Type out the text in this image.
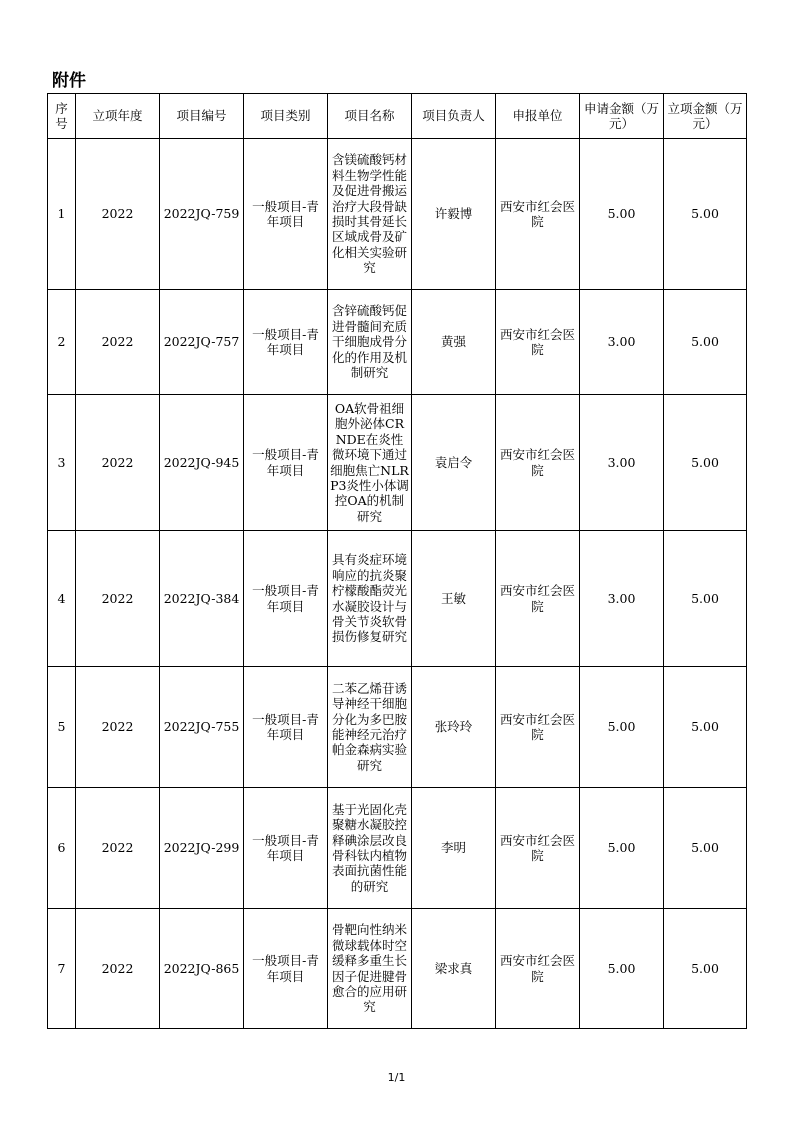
附件
序号	立项年度	项目编号	项目类别	项目名称	项目负责人	申报单位	申请金额（万元）	立项金额（万元）
1	2022	2022JQ-759	一般项目-青年项目	含镁硫酸钙材料生物学性能及促进骨搬运治疗大段骨缺损时其骨延长区域成骨及矿化相关实验研究	许毅博	西安市红会医院	5.00	5.00
2	2022	2022JQ-757	一般项目-青年项目	含锌硫酸钙促进骨髓间充质干细胞成骨分化的作用及机制研究	黄强	西安市红会医院	3.00	5.00
3	2022	2022JQ-945	一般项目-青年项目	OA软骨祖细胞外泌体CRNDE在炎性微环境下通过细胞焦亡NLRP3炎性小体调控OA的机制研究	袁启令	西安市红会医院	3.00	5.00
4	2022	2022JQ-384	一般项目-青年项目	具有炎症环境响应的抗炎聚柠檬酸酯荧光水凝胶设计与骨关节炎软骨损伤修复研究	王敏	西安市红会医院	3.00	5.00
5	2022	2022JQ-755	一般项目-青年项目	二苯乙烯苷诱导神经干细胞分化为多巴胺能神经元治疗帕金森病实验研究	张玲玲	西安市红会医院	5.00	5.00
6	2022	2022JQ-299	一般项目-青年项目	基于光固化壳聚糖水凝胶控释碘涂层改良骨科钛内植物表面抗菌性能的研究	李明	西安市红会医院	5.00	5.00
7	2022	2022JQ-865	一般项目-青年项目	骨靶向性纳米微球载体时空缓释多重生长因子促进腱骨愈合的应用研究	梁求真	西安市红会医院	5.00	5.00
1/1
